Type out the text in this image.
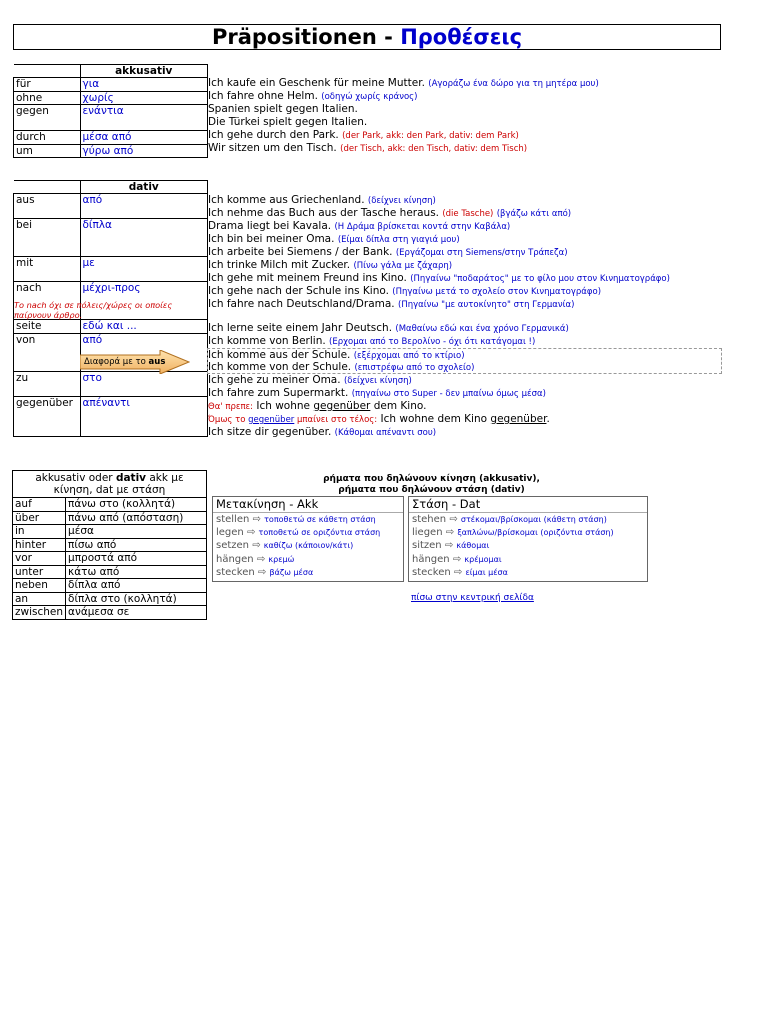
Präpositionen - Προθέσεις
	akkusativ
für	για
ohne	χωρίς
gegen	ενάντια
durch	μέσα από
um	γύρω από
Ich kaufe ein Geschenk für meine Mutter. (Αγοράζω ένα δώρο για τη μητέρα μου)
Ich fahre ohne Helm. (οδηγώ χωρίς κράνος)
Spanien spielt gegen Italien.
Die Türkei spielt gegen Italien.
Ich gehe durch den Park. (der Park, akk: den Park, dativ: dem Park)
Wir sitzen um den Tisch. (der Tisch, akk: den Tisch, dativ: dem Tisch)
	dativ
aus	από
bei	δίπλα
mit	με
nach	μέχρι-προς
seite	εδώ και ...
von	από
zu	στο
gegenüber	απέναντι
Το nach όχι σε πόλεις/χώρες οι οποίες παίρνουν άρθρο.
Διαφορά με το aus
Ich komme aus Griechenland. (δείχνει κίνηση)
Ich nehme das Buch aus der Tasche heraus. (die Tasche) (βγάζω κάτι από)
Drama liegt bei Kavala. (Η Δράμα βρίσκεται κοντά στην Καβάλα)
Ich bin bei meiner Oma. (Είμαι δίπλα στη γιαγιά μου)
Ich arbeite bei Siemens / der Bank. (Εργάζομαι στη Siemens/στην Τράπεζα)
Ich trinke Milch mit Zucker. (Πίνω γάλα με ζάχαρη)
Ich gehe mit meinem Freund ins Kino. (Πηγαίνω "ποδαράτος" με το φίλο μου στον Κινηματογράφο)
Ich gehe nach der Schule ins Kino. (Πηγαίνω μετά το σχολείο στον Κινηματογράφο)
Ich fahre nach Deutschland/Drama. (Πηγαίνω "με αυτοκίνητο" στη Γερμανία)
Ich lerne seite einem Jahr Deutsch. (Μαθαίνω εδώ και ένα χρόνο Γερμανικά)
Ich komme von Berlin. (Ερχομαι από το Βερολίνο - όχι ότι κατάγομαι !)
Ich komme aus der Schule. (εξέρχομαι από το κτίριο)
Ich komme von der Schule. (επιστρέφω από το σχολείο)
Ich gehe zu meiner Oma. (δείχνει κίνηση)
Ich fahre zum Supermarkt. (πηγαίνω στο Super - δεν μπαίνω όμως μέσα)
Θα' πρεπε: Ich wohne gegenüber dem Kino.
Όμως το gegenüber μπαίνει στο τέλος: Ich wohne dem Kino gegenüber.
Ich sitze dir gegenüber. (Κάθομαι απέναντι σου)
akkusativ oder dativ akk με κίνηση, dat με στάση	
auf	πάνω στο (κολλητά)
über	πάνω από (απόσταση)
in	μέσα
hinter	πίσω από
vor	μπροστά από
unter	κάτω από
neben	δίπλα από
an	δίπλα στο (κολλητά)
zwischen	ανάμεσα σε
ρήματα που δηλώνουν κίνηση (akkusativ),
ρήματα που δηλώνουν στάση (dativ)
Μετακίνηση - Akk
stellen ⇨ τοποθετώ σε κάθετη στάση
legen ⇨ τοποθετώ σε οριζόντια στάση
setzen ⇨ καθίζω (κάποιον/κάτι)
hängen ⇨ κρεμώ
stecken ⇨ βάζω μέσα
Στάση - Dat
stehen ⇨ στέκομαι/βρίσκομαι (κάθετη στάση)
liegen ⇨ ξαπλώνω/βρίσκομαι (οριζόντια στάση)
sitzen ⇨ κάθομαι
hängen ⇨ κρέμομαι
stecken ⇨ είμαι μέσα
πίσω στην κεντρική σελίδα
